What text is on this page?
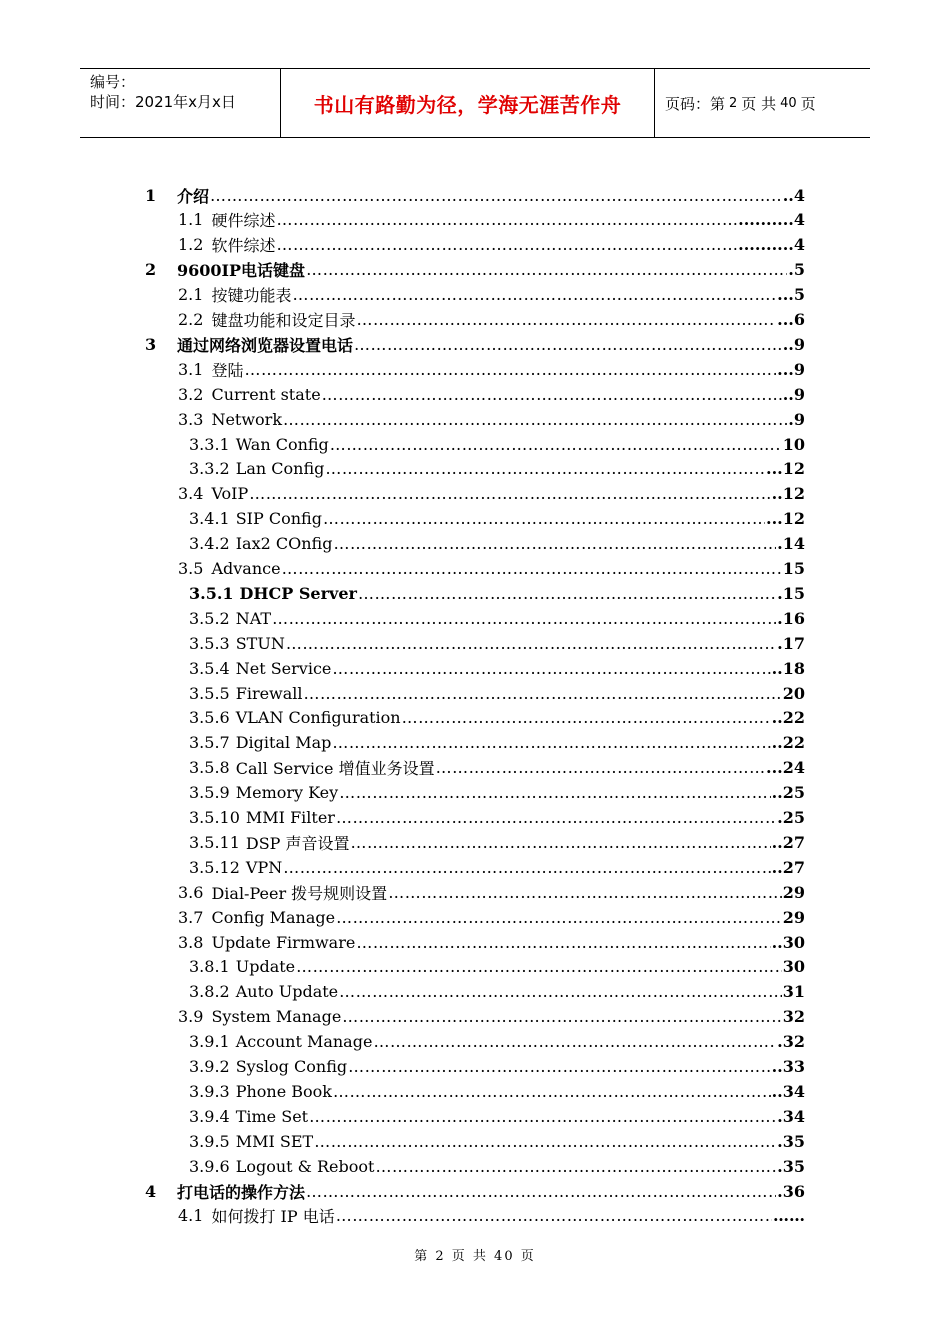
编号：
时间：2021年x月x日	书山有路勤为径，学海无涯苦作舟	页码：第 2 页 共 40 页
1	介绍 …………………………………………………………………………………………………………………………………………………………………………………………	..4
1.1 硬件综述 …………………………………………………………………………………………………………………………………………………………………………………………	..........4
1.2 软件综述 …………………………………………………………………………………………………………………………………………………………………………………………	..........4
2	9600IP电话键盘 …………………………………………………………………………………………………………………………………………………………………………………………	.5
2.1 按键功能表 …………………………………………………………………………………………………………………………………………………………………………………………	...5
2.2 键盘功能和设定目录 …………………………………………………………………………………………………………………………………………………………………………………………	...6
3	通过网络浏览器设置电话 …………………………………………………………………………………………………………………………………………………………………………………………	..9
3.1 登陆 …………………………………………………………………………………………………………………………………………………………………………………………	...9
3.2 Current state …………………………………………………………………………………………………………………………………………………………………………………………	..9
3.3 Network …………………………………………………………………………………………………………………………………………………………………………………………	.9
3.3.1 Wan Config …………………………………………………………………………………………………………………………………………………………………………………………	10
3.3.2 Lan Config …………………………………………………………………………………………………………………………………………………………………………………………	...12
3.4 VoIP …………………………………………………………………………………………………………………………………………………………………………………………	..12
3.4.1 SIP Config …………………………………………………………………………………………………………………………………………………………………………………………	...12
3.4.2 Iax2 COnfig …………………………………………………………………………………………………………………………………………………………………………………………	.14
3.5 Advance …………………………………………………………………………………………………………………………………………………………………………………………	15
3.5.1 DHCP Server …………………………………………………………………………………………………………………………………………………………………………………………	.15
3.5.2 NAT …………………………………………………………………………………………………………………………………………………………………………………………	.16
3.5.3 STUN …………………………………………………………………………………………………………………………………………………………………………………………	.17
3.5.4 Net Service …………………………………………………………………………………………………………………………………………………………………………………………	..18
3.5.5 Firewall …………………………………………………………………………………………………………………………………………………………………………………………	20
3.5.6 VLAN Configuration …………………………………………………………………………………………………………………………………………………………………………………………	..22
3.5.7 Digital Map …………………………………………………………………………………………………………………………………………………………………………………………	..22
3.5.8 Call Service 增值业务设置 …………………………………………………………………………………………………………………………………………………………………………………………	...24
3.5.9 Memory Key …………………………………………………………………………………………………………………………………………………………………………………………	..25
3.5.10 MMI Filter …………………………………………………………………………………………………………………………………………………………………………………………	.25
3.5.11 DSP 声音设置 …………………………………………………………………………………………………………………………………………………………………………………………	..27
3.5.12 VPN …………………………………………………………………………………………………………………………………………………………………………………………	..27
3.6 Dial-Peer 拨号规则设置 …………………………………………………………………………………………………………………………………………………………………………………………	29
3.7 Config Manage …………………………………………………………………………………………………………………………………………………………………………………………	29
3.8 Update Firmware …………………………………………………………………………………………………………………………………………………………………………………………	..30
3.8.1 Update …………………………………………………………………………………………………………………………………………………………………………………………	30
3.8.2 Auto Update …………………………………………………………………………………………………………………………………………………………………………………………	31
3.9 System Manage …………………………………………………………………………………………………………………………………………………………………………………………	32
3.9.1 Account Manage …………………………………………………………………………………………………………………………………………………………………………………………	.32
3.9.2 Syslog Config …………………………………………………………………………………………………………………………………………………………………………………………	..33
3.9.3 Phone Book …………………………………………………………………………………………………………………………………………………………………………………………	..34
3.9.4 Time Set …………………………………………………………………………………………………………………………………………………………………………………………	.34
3.9.5 MMI SET …………………………………………………………………………………………………………………………………………………………………………………………	.35
3.9.6 Logout & Reboot …………………………………………………………………………………………………………………………………………………………………………………………	.35
4	打电话的操作方法 …………………………………………………………………………………………………………………………………………………………………………………………	.36
4.1 如何拨打 IP 电话 …………………………………………………………………………………………………………………………………………………………………………………………	……
第 2 页 共 40 页
